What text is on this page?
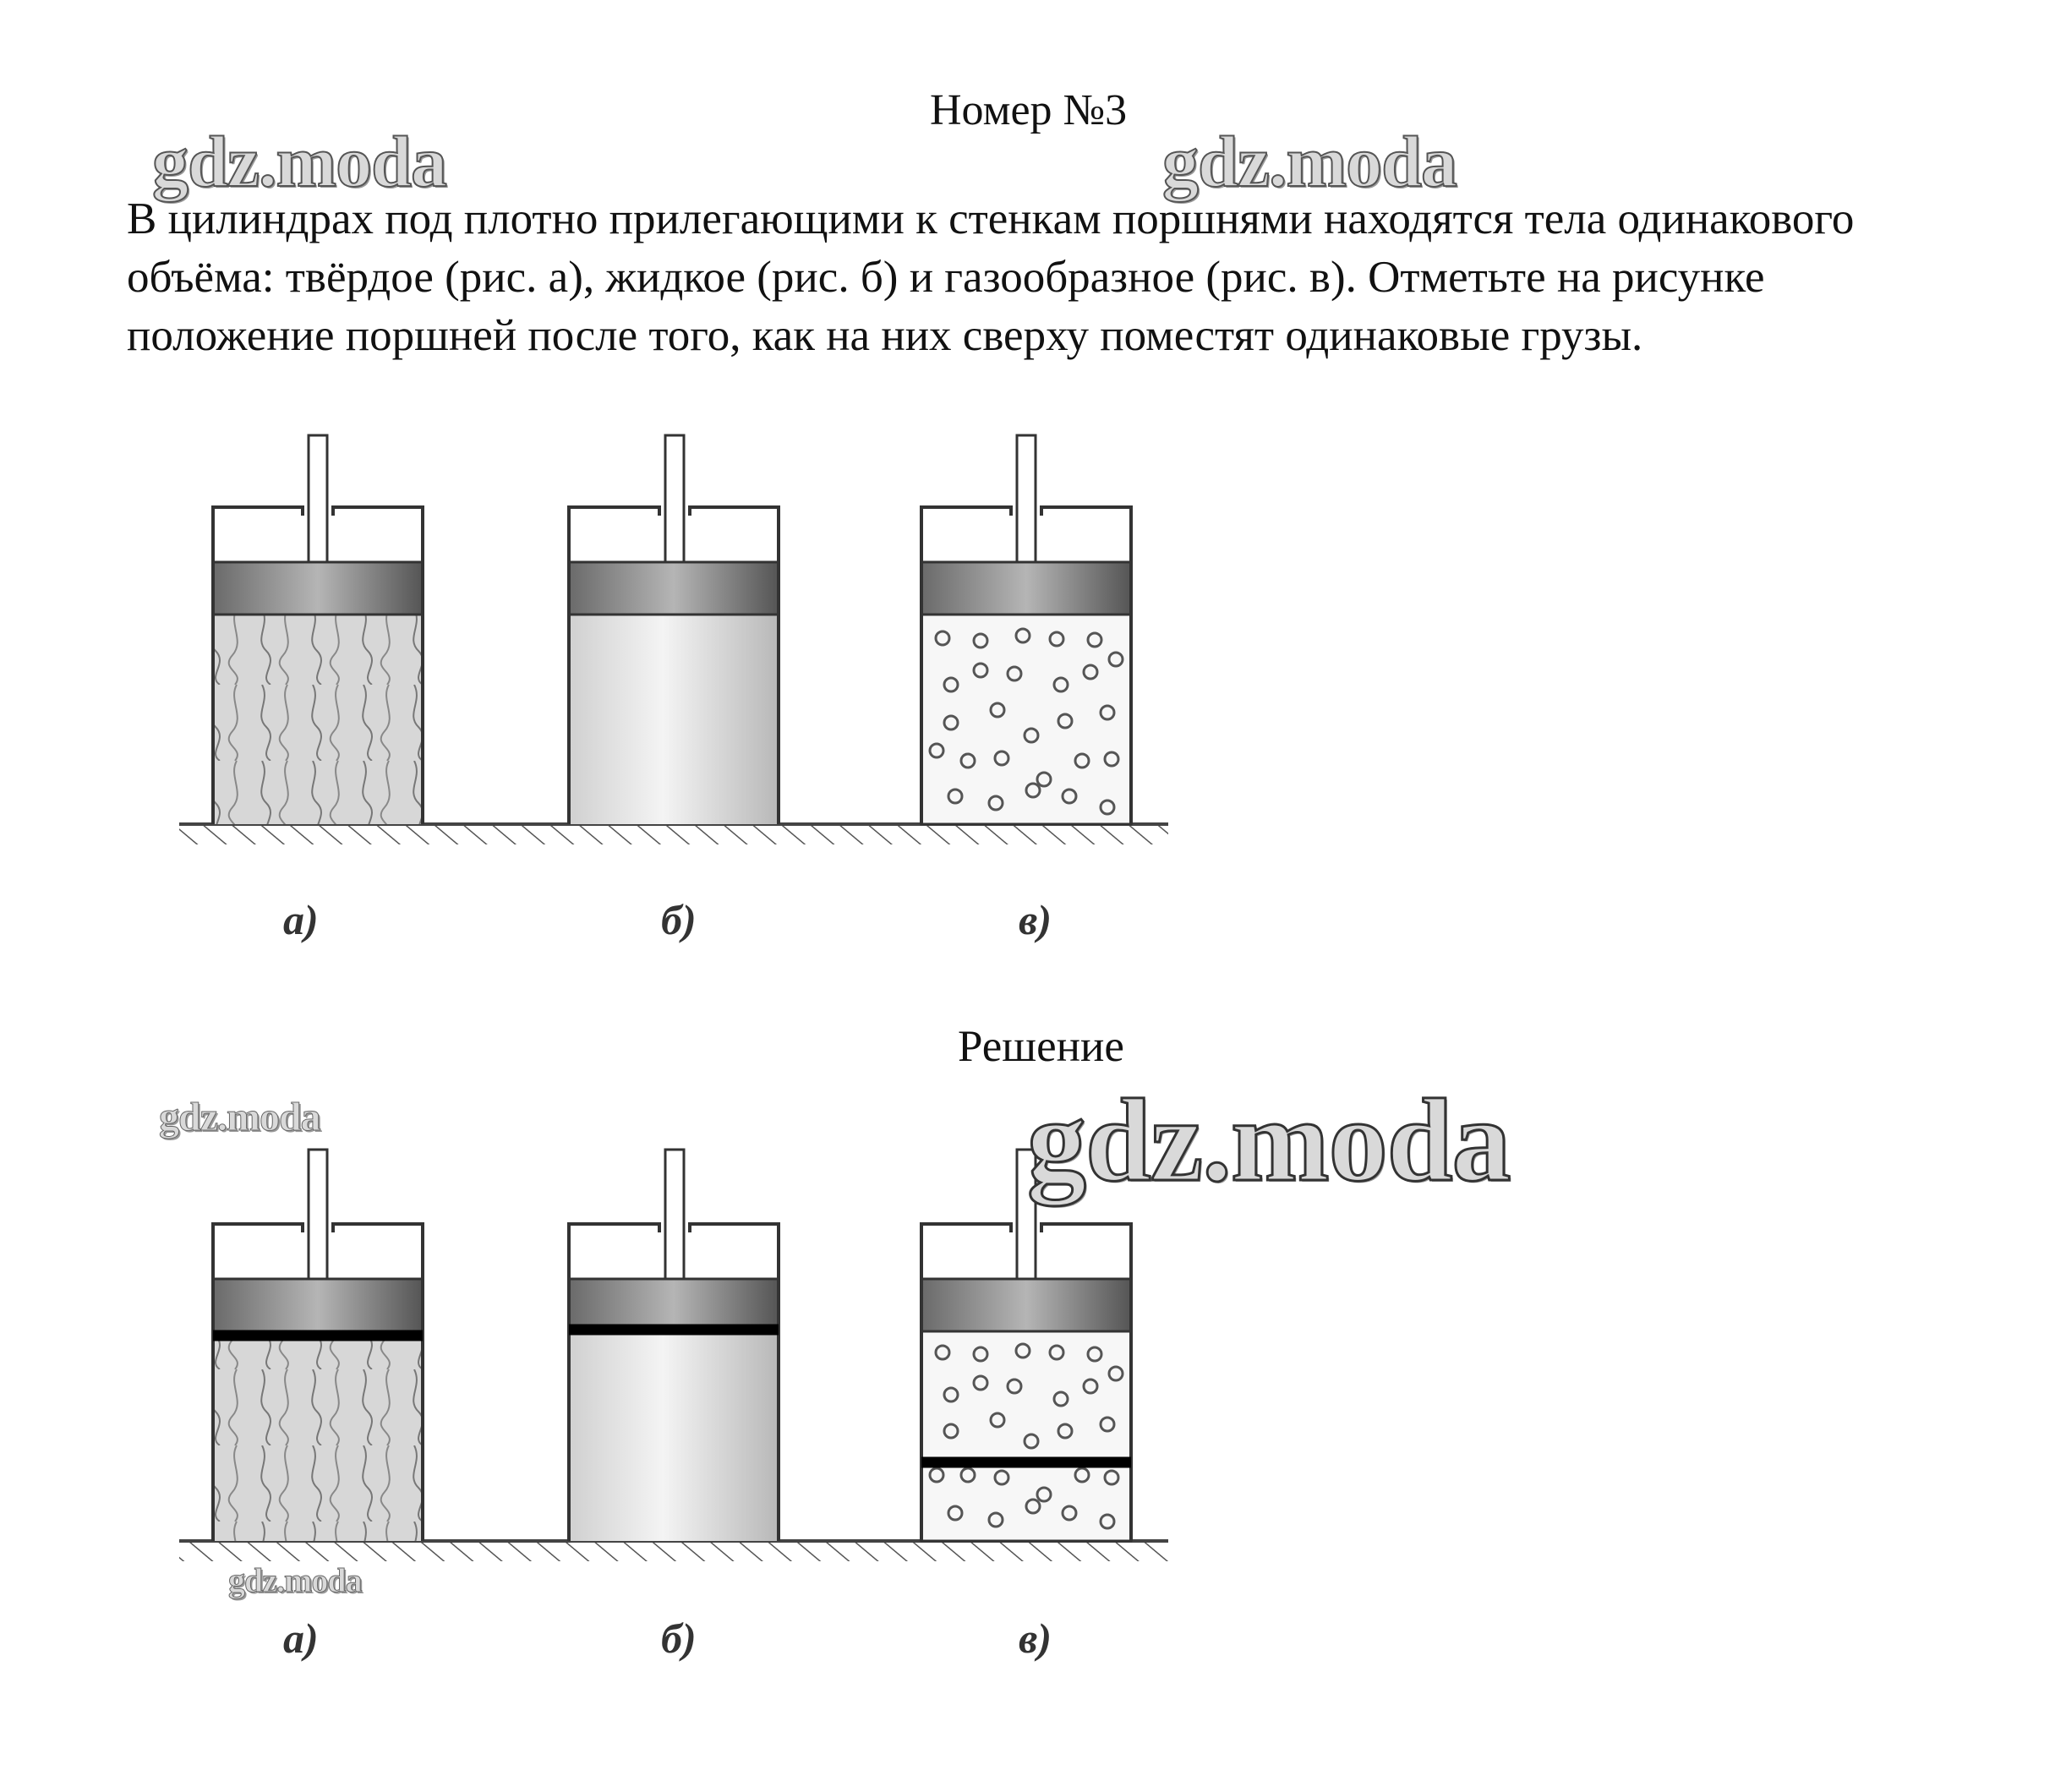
Номер №3

В цилиндрах под плотно прилегающими к стенкам поршнями находятся тела одинакового объёма: твёрдое (рис. а), жидкое (рис. б) и газообразное (рис. в). Отметьте на рисунке положение поршней после того, как на них сверху поместят одинаковые грузы.

Решение
а)	б)	в)
а)	б)	в)
gdz.moda	gdz.moda
gdz.moda
gdz.moda
gdz.moda
